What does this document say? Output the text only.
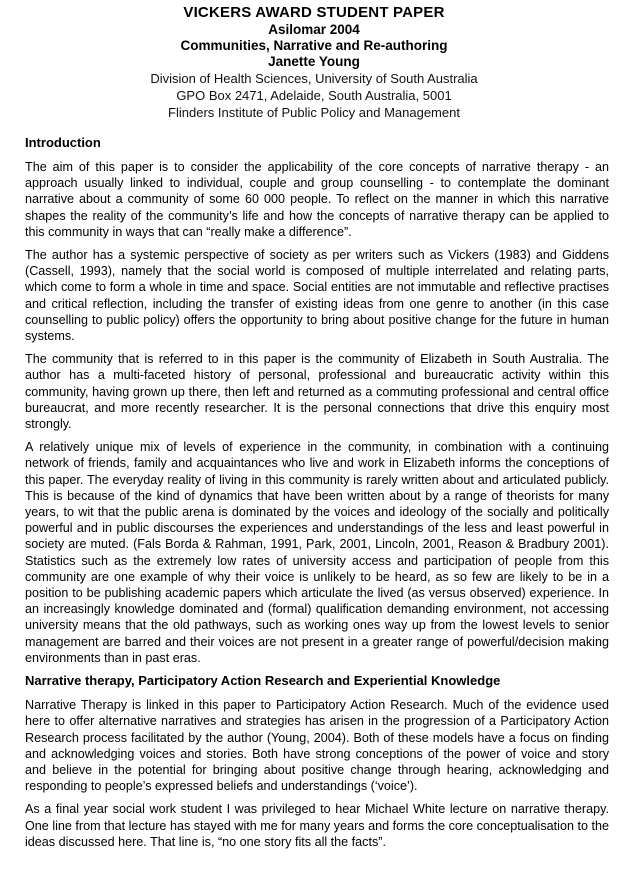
VICKERS AWARD STUDENT PAPER
Asilomar 2004
Communities, Narrative and Re-authoring
Janette Young
Division of Health Sciences, University of South Australia
GPO Box 2471, Adelaide, South Australia, 5001
Flinders Institute of Public Policy and Management
Introduction

The aim of this paper is to consider the applicability of the core concepts of narrative therapy - an approach usually linked to individual, couple and group counselling - to contemplate the dominant narrative about a community of some 60 000 people. To reflect on the manner in which this narrative shapes the reality of the community’s life and how the concepts of narrative therapy can be applied to this community in ways that can “really make a difference”.

The author has a systemic perspective of society as per writers such as Vickers (1983) and Giddens (Cassell, 1993), namely that the social world is composed of multiple interrelated and relating parts, which come to form a whole in time and space. Social entities are not immutable and reflective practises and critical reflection, including the transfer of existing ideas from one genre to another (in this case counselling to public policy) offers the opportunity to bring about positive change for the future in human systems.

The community that is referred to in this paper is the community of Elizabeth in South Australia. The author has a multi-faceted history of personal, professional and bureaucratic activity within this community, having grown up there, then left and returned as a commuting professional and central office bureaucrat, and more recently researcher. It is the personal connections that drive this enquiry most strongly.

A relatively unique mix of levels of experience in the community, in combination with a continuing network of friends, family and acquaintances who live and work in Elizabeth informs the conceptions of this paper. The everyday reality of living in this community is rarely written about and articulated publicly. This is because of the kind of dynamics that have been written about by a range of theorists for many years, to wit that the public arena is dominated by the voices and ideology of the socially and politically powerful and in public discourses the experiences and understandings of the less and least powerful in society are muted. (Fals Borda & Rahman, 1991, Park, 2001, Lincoln, 2001, Reason & Bradbury 2001). Statistics such as the extremely low rates of university access and participation of people from this community are one example of why their voice is unlikely to be heard, as so few are likely to be in a position to be publishing academic papers which articulate the lived (as versus observed) experience. In an increasingly knowledge dominated and (formal) qualification demanding environment, not accessing university means that the old pathways, such as working ones way up from the lowest levels to senior management are barred and their voices are not present in a greater range of powerful/decision making environments than in past eras.

Narrative therapy, Participatory Action Research and Experiential Knowledge

Narrative Therapy is linked in this paper to Participatory Action Research. Much of the evidence used here to offer alternative narratives and strategies has arisen in the progression of a Participatory Action Research process facilitated by the author (Young, 2004). Both of these models have a focus on finding and acknowledging voices and stories. Both have strong conceptions of the power of voice and story and believe in the potential for bringing about positive change through hearing, acknowledging and responding to people’s expressed beliefs and understandings (‘voice’).

As a final year social work student I was privileged to hear Michael White lecture on narrative therapy. One line from that lecture has stayed with me for many years and forms the core conceptualisation to the ideas discussed here. That line is, “no one story fits all the facts”.
